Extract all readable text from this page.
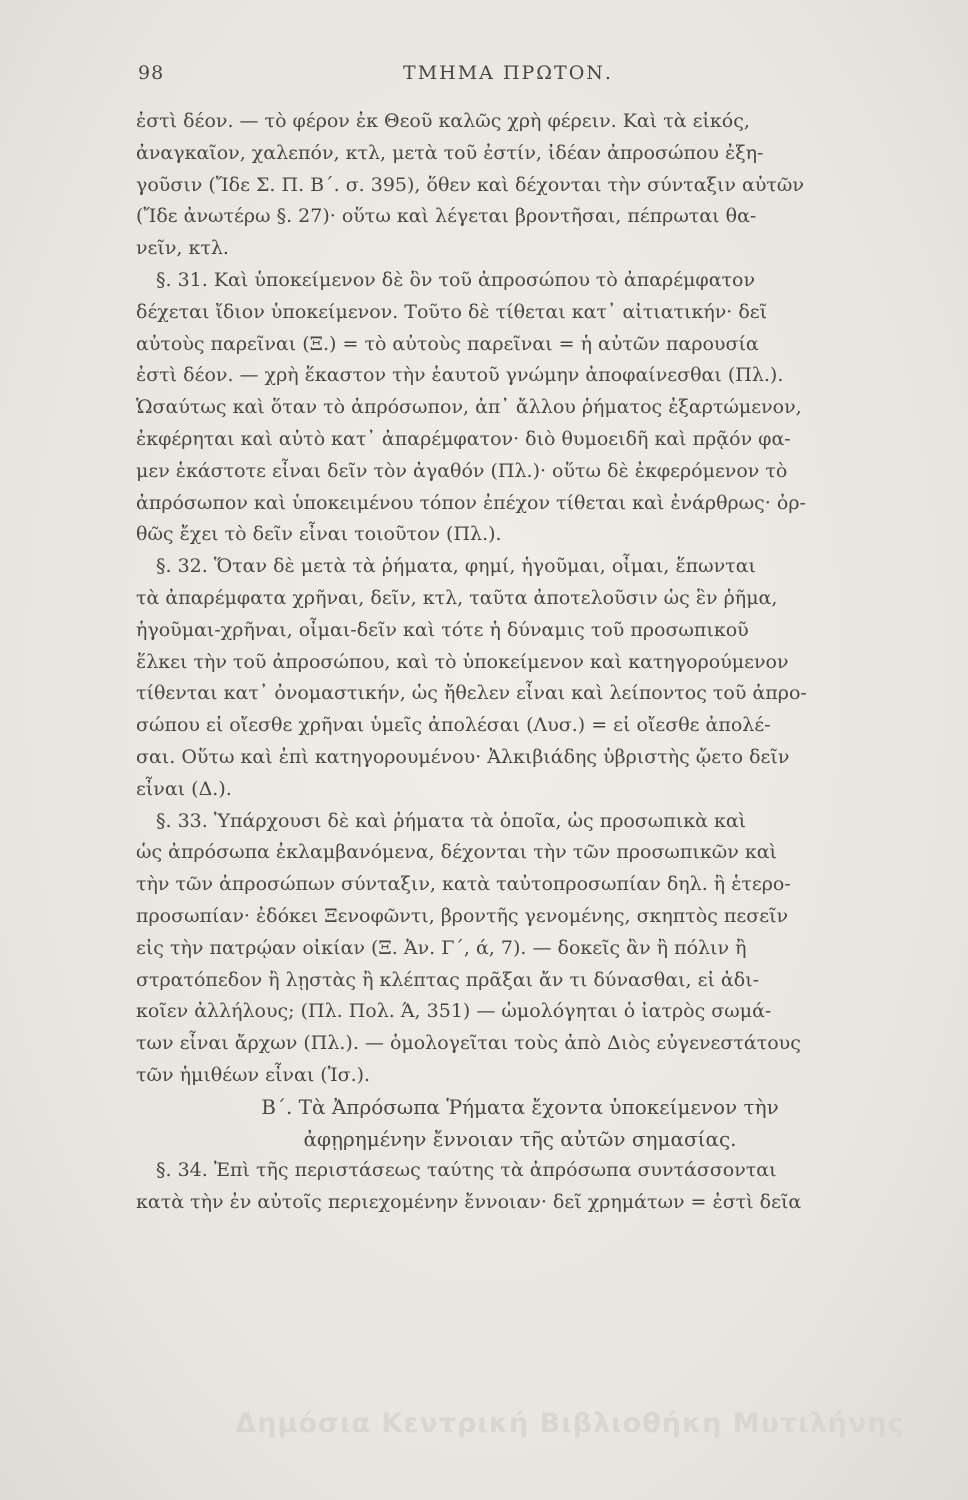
98	ΤΜΗΜΑ ΠΡΩΤΟΝ.
ἐστὶ δέον. — τὸ φέρον ἐκ Θεοῦ καλῶς χρὴ φέρειν. Καὶ τὰ εἰκός,
ἀναγκαῖον, χαλεπόν, κτλ, μετὰ τοῦ ἐστίν, ἰδέαν ἀπροσώπου ἐξη-
γοῦσιν (Ἴδε Σ. Π. Β΄. σ. 395), ὅθεν καὶ δέχονται τὴν σύνταξιν αὐτῶν
(Ἴδε ἀνωτέρω §. 27)· οὕτω καὶ λέγεται βροντῆσαι, πέπρωται θα-
νεῖν, κτλ.
§. 31. Καὶ ὑποκείμενον δὲ ὃν τοῦ ἀπροσώπου τὸ ἀπαρέμφατον
δέχεται ἴδιον ὑποκείμενον. Τοῦτο δὲ τίθεται κατ᾽ αἰτιατικήν· δεῖ
αὐτοὺς παρεῖναι (Ξ.) = τὸ αὐτοὺς παρεῖναι = ἡ αὐτῶν παρουσία
ἐστὶ δέον. — χρὴ ἕκαστον τὴν ἑαυτοῦ γνώμην ἀποφαίνεσθαι (Πλ.).
Ὡσαύτως καὶ ὅταν τὸ ἀπρόσωπον, ἀπ᾽ ἄλλου ῥήματος ἐξαρτώμενον,
ἐκφέρηται καὶ αὐτὸ κατ᾽ ἀπαρέμφατον· διὸ θυμοειδῆ καὶ πρᾷόν φα-
μεν ἑκάστοτε εἶναι δεῖν τὸν ἀγαθόν (Πλ.)· οὕτω δὲ ἐκφερόμενον τὸ
ἀπρόσωπον καὶ ὑποκειμένου τόπον ἐπέχον τίθεται καὶ ἐνάρθρως· ὀρ-
θῶς ἔχει τὸ δεῖν εἶναι τοιοῦτον (Πλ.).
§. 32. Ὅταν δὲ μετὰ τὰ ῥήματα, φημί, ἡγοῦμαι, οἶμαι, ἕπωνται
τὰ ἀπαρέμφατα χρῆναι, δεῖν, κτλ, ταῦτα ἀποτελοῦσιν ὡς ἓν ῥῆμα,
ἡγοῦμαι-χρῆναι, οἶμαι-δεῖν καὶ τότε ἡ δύναμις τοῦ προσωπικοῦ
ἕλκει τὴν τοῦ ἀπροσώπου, καὶ τὸ ὑποκείμενον καὶ κατηγορούμενον
τίθενται κατ᾽ ὀνομαστικήν, ὡς ἤθελεν εἶναι καὶ λείποντος τοῦ ἀπρο-
σώπου εἰ οἴεσθε χρῆναι ὑμεῖς ἀπολέσαι (Λυσ.) = εἰ οἴεσθε ἀπολέ-
σαι. Οὕτω καὶ ἐπὶ κατηγορουμένου· Ἀλκιβιάδης ὑβριστὴς ᾤετο δεῖν
εἶναι (Δ.).
§. 33. Ὑπάρχουσι δὲ καὶ ῥήματα τὰ ὁποῖα, ὡς προσωπικὰ καὶ
ὡς ἀπρόσωπα ἐκλαμβανόμενα, δέχονται τὴν τῶν προσωπικῶν καὶ
τὴν τῶν ἀπροσώπων σύνταξιν, κατὰ ταὐτοπροσωπίαν δηλ. ἢ ἑτερο-
προσωπίαν· ἐδόκει Ξενοφῶντι, βροντῆς γενομένης, σκηπτὸς πεσεῖν
εἰς τὴν πατρῴαν οἰκίαν (Ξ. Ἀν. Γ΄, ά, 7). — δοκεῖς ἂν ἢ πόλιν ἢ
στρατόπεδον ἢ λῃστὰς ἢ κλέπτας πρᾶξαι ἄν τι δύνασθαι, εἰ ἀδι-
κοῖεν ἀλλήλους; (Πλ. Πολ. Ά, 351) — ὡμολόγηται ὁ ἰατρὸς σωμά-
των εἶναι ἄρχων (Πλ.). — ὁμολογεῖται τοὺς ἀπὸ Διὸς εὐγενεστάτους
τῶν ἡμιθέων εἶναι (Ἰσ.).
Β΄. Τὰ Ἀπρόσωπα Ῥήματα ἔχοντα ὑποκείμενον τὴν
ἀφῃρημένην ἔννοιαν τῆς αὐτῶν σημασίας.
§. 34. Ἐπὶ τῆς περιστάσεως ταύτης τὰ ἀπρόσωπα συντάσσονται
κατὰ τὴν ἐν αὐτοῖς περιεχομένην ἔννοιαν· δεῖ χρημάτων = ἐστὶ δεῖα
Δημόσια Κεντρική Βιβλιοθήκη Μυτιλήνης
